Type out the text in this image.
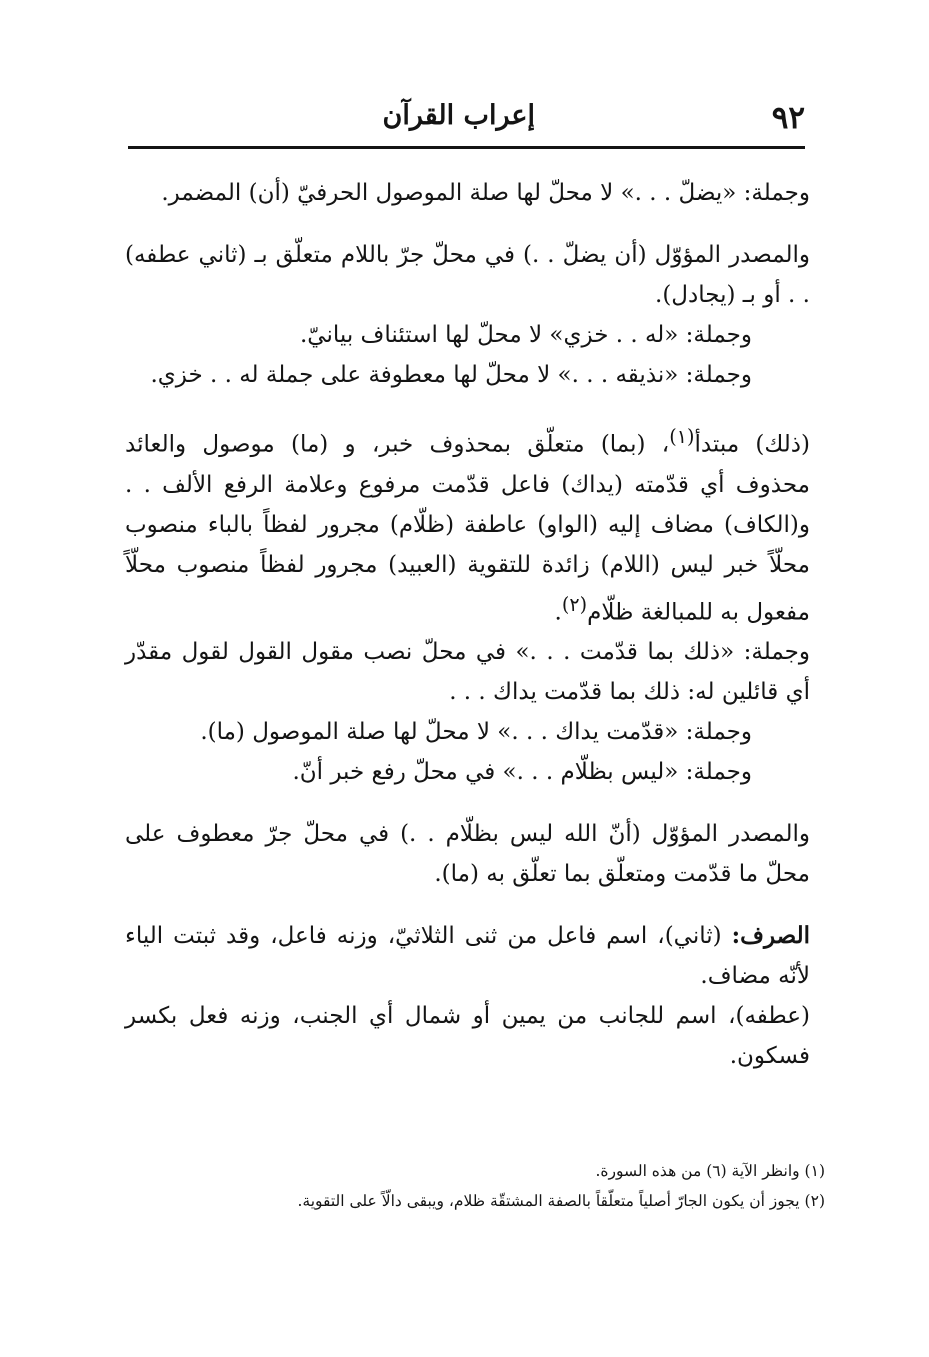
٩٢
إعراب القرآن

وجملة: «يضلّ . . .» لا محلّ لها صلة الموصول الحرفيّ (أن) المضمر.

والمصدر المؤوّل (أن يضلّ . .) في محلّ جرّ باللام متعلّق بـ (ثاني عطفه) . . أو بـ (يجادل).

وجملة: «له . . خزي» لا محلّ لها استئناف بيانيّ.

وجملة: «نذيقه . . .» لا محلّ لها معطوفة على جملة له . . خزي.

(ذلك) مبتدأ$^{(١)}$، (بما) متعلّق بمحذوف خبر، و (ما) موصول والعائد محذوف أي قدّمته (يداك) فاعل قدّمت مرفوع وعلامة الرفع الألف . . و(الكاف) مضاف إليه (الواو) عاطفة (ظلّام) مجرور لفظاً بالباء منصوب محلّاً خبر ليس (اللام) زائدة للتقوية (العبيد) مجرور لفظاً منصوب محلّاً مفعول به للمبالغة ظلّام$^{(٢)}$.

وجملة: «ذلك بما قدّمت . . .» في محلّ نصب مقول القول لقول مقدّر أي قائلين له: ذلك بما قدّمت يداك . . .

وجملة: «قدّمت يداك . . .» لا محلّ لها صلة الموصول (ما).

وجملة: «ليس بظلّام . . .» في محلّ رفع خبر أنّ.

والمصدر المؤوّل (أنّ الله ليس بظلّام . .) في محلّ جرّ معطوف على محلّ ما قدّمت ومتعلّق بما تعلّق به (ما).

الصرف: (ثاني)، اسم فاعل من ثنى الثلاثيّ، وزنه فاعل، وقد ثبتت الياء لأنّه مضاف.

(عطفه)، اسم للجانب من يمين أو شمال أي الجنب، وزنه فعل بكسر فسكون.

(١) وانظر الآية (٦) من هذه السورة.

(٢) يجوز أن يكون الجارّ أصلياً متعلّقاً بالصفة المشتقّة ظلام، ويبقى دالّاً على التقوية.
